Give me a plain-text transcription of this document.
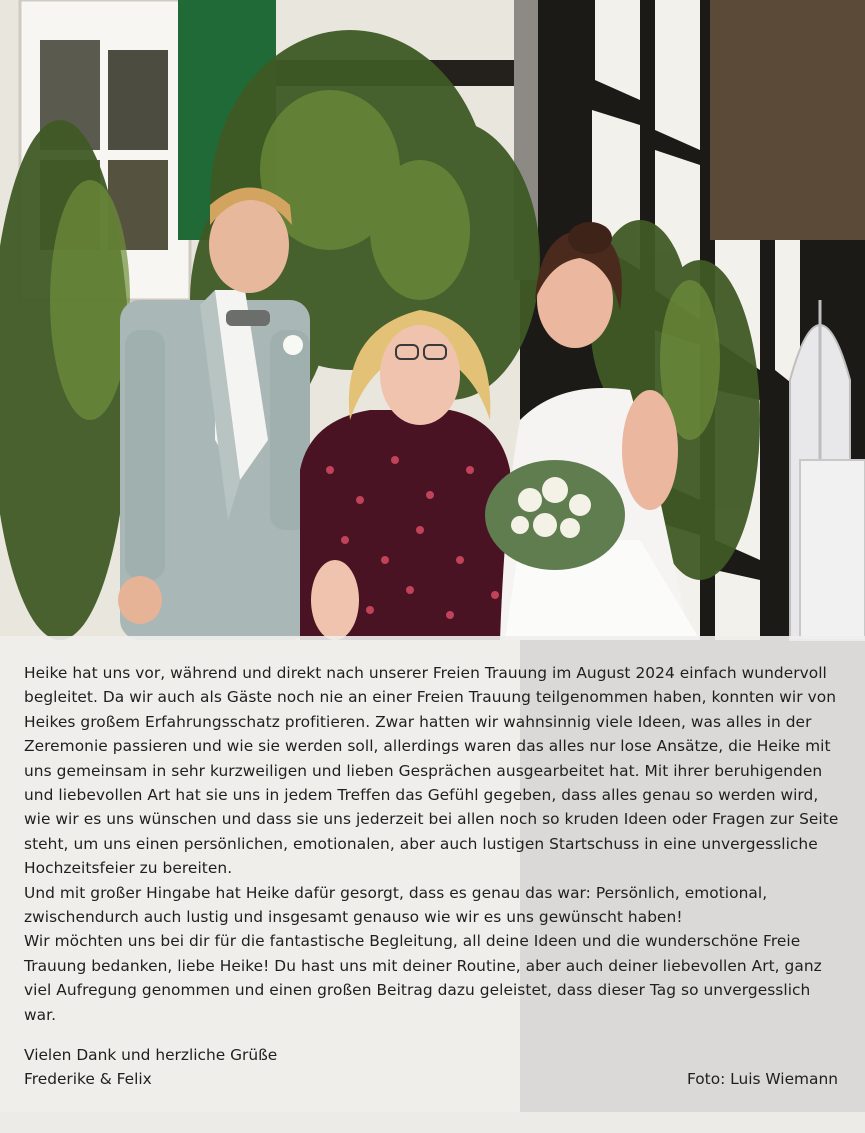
Heike hat uns vor, während und direkt nach unserer Freien Trauung im August 2024 einfach wundervoll begleitet. Da wir auch als Gäste noch nie an einer Freien Trauung teilgenommen haben, konnten wir von Heikes großem Erfahrungsschatz profitieren. Zwar hatten wir wahnsinnig viele Ideen, was alles in der Zeremonie passieren und wie sie werden soll, allerdings waren das alles nur lose Ansätze, die Heike mit uns gemeinsam in sehr kurzweiligen und lieben Gesprächen ausgearbeitet hat. Mit ihrer beruhigenden und liebevollen Art hat sie uns in jedem Treffen das Gefühl gegeben, dass alles genau so werden wird, wie wir es uns wünschen und dass sie uns jederzeit bei allen noch so kruden Ideen oder Fragen zur Seite steht, um uns einen persönlichen, emotionalen, aber auch lustigen Startschuss in eine unvergessliche Hochzeitsfeier zu bereiten.

Und mit großer Hingabe hat Heike dafür gesorgt, dass es genau das war: Persönlich, emotional, zwischendurch auch lustig und insgesamt genauso wie wir es uns gewünscht haben!

Wir möchten uns bei dir für die fantastische Begleitung, all deine Ideen und die wunderschöne Freie Trauung bedanken, liebe Heike! Du hast uns mit deiner Routine, aber auch deiner liebevollen Art, ganz viel Aufregung genommen und einen großen Beitrag dazu geleistet, dass dieser Tag so unvergesslich war.

Vielen Dank und herzliche Grüße
Frederike & Felix	Foto: Luis Wiemann
